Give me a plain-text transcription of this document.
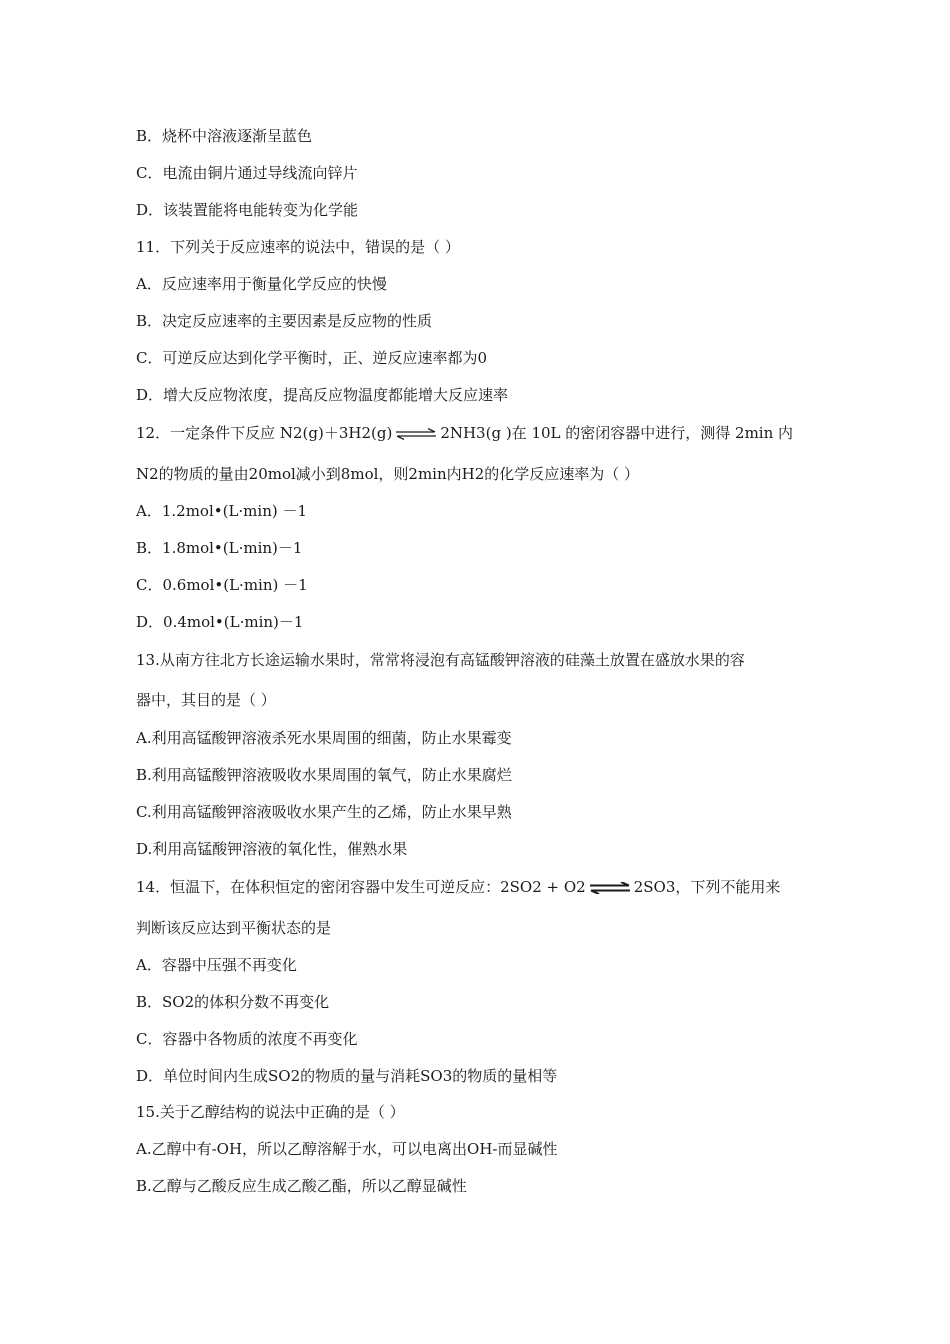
B．烧杯中溶液逐渐呈蓝色
C．电流由铜片通过导线流向锌片
D．该装置能将电能转变为化学能
11．下列关于反应速率的说法中，错误的是（ ）
A．反应速率用于衡量化学反应的快慢
B．决定反应速率的主要因素是反应物的性质
C．可逆反应达到化学平衡时，正、逆反应速率都为0
D．增大反应物浓度，提高反应物温度都能增大反应速率
12．一定条件下反应 N2(g)＋3H2(g) ⇌ 2NH3(g )在 10L 的密闭容器中进行，测得 2min 内
N2的物质的量由20mol减小到8mol，则2min内H2的化学反应速率为（ ）
A．1.2mol•(L·min) －1
B．1.8mol•(L·min)－1
C．0.6mol•(L·min) －1
D．0.4mol•(L·min)－1
13.从南方往北方长途运输水果时，常常将浸泡有高锰酸钾溶液的硅藻土放置在盛放水果的容
器中，其目的是（ ）
A.利用高锰酸钾溶液杀死水果周围的细菌，防止水果霉变
B.利用高锰酸钾溶液吸收水果周围的氧气，防止水果腐烂
C.利用高锰酸钾溶液吸收水果产生的乙烯，防止水果早熟
D.利用高锰酸钾溶液的氧化性，催熟水果
14．恒温下，在体积恒定的密闭容器中发生可逆反应：2SO2 + O2 ⇌ 2SO3，下列不能用来
判断该反应达到平衡状态的是
A．容器中压强不再变化
B．SO2的体积分数不再变化
C．容器中各物质的浓度不再变化
D．单位时间内生成SO2的物质的量与消耗SO3的物质的量相等
15.关于乙醇结构的说法中正确的是（ ）
A.乙醇中有-OH，所以乙醇溶解于水，可以电离出OH-而显碱性
B.乙醇与乙酸反应生成乙酸乙酯，所以乙醇显碱性
